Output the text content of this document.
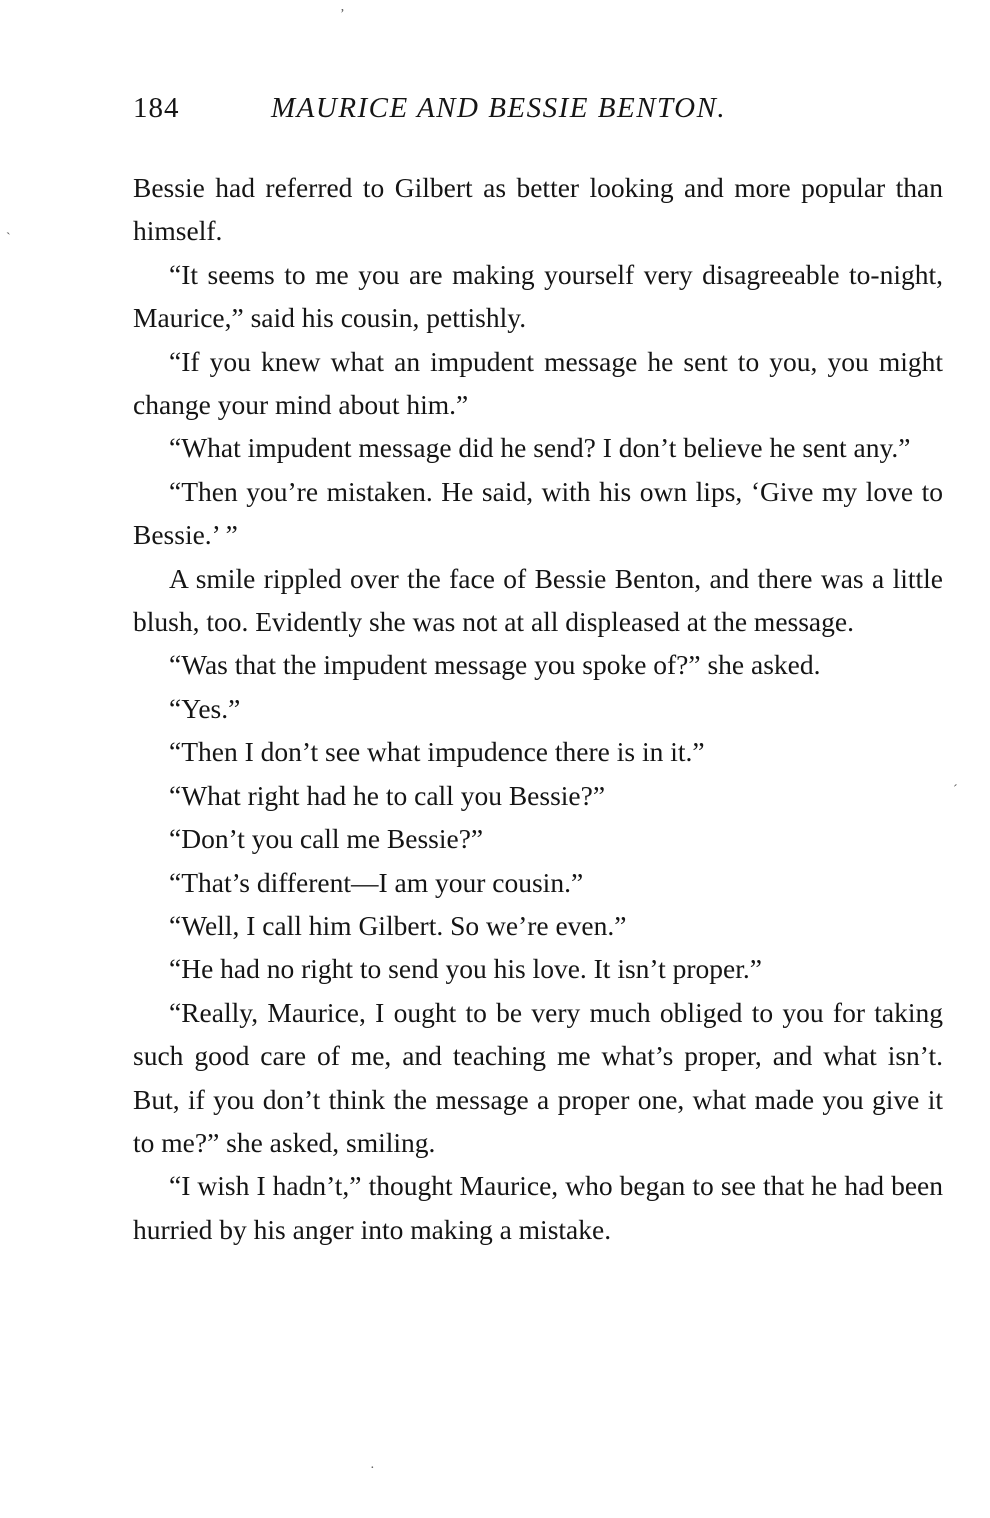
ʼ
ˋ
ˊ
·
184	MAURICE AND BESSIE BENTON.

Bessie had referred to Gilbert as better looking and more popular than himself.

“It seems to me you are making yourself very disagreeable to-night, Maurice,” said his cousin, pettishly.

“If you knew what an impudent message he sent to you, you might change your mind about him.”

“What impudent message did he send? I don’t believe he sent any.”

“Then you’re mistaken. He said, with his own lips, ‘Give my love to Bessie.’ ”

A smile rippled over the face of Bessie Benton, and there was a little blush, too. Evidently she was not at all displeased at the message.

“Was that the impudent message you spoke of?” she asked.

“Yes.”

“Then I don’t see what impudence there is in it.”

“What right had he to call you Bessie?”

“Don’t you call me Bessie?”

“That’s different—I am your cousin.”

“Well, I call him Gilbert. So we’re even.”

“He had no right to send you his love. It isn’t proper.”

“Really, Maurice, I ought to be very much obliged to you for taking such good care of me, and teaching me what’s proper, and what isn’t. But, if you don’t think the message a proper one, what made you give it to me?” she asked, smiling.

“I wish I hadn’t,” thought Maurice, who began to see that he had been hurried by his anger into making a mistake.
